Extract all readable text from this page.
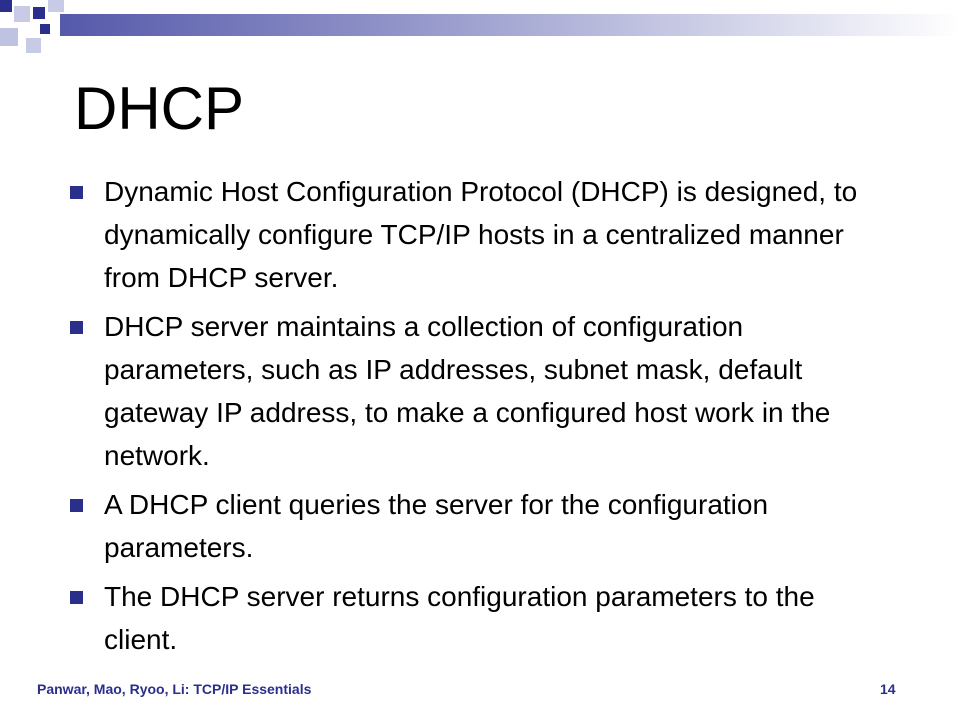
DHCP
Dynamic Host Configuration Protocol (DHCP) is designed, to dynamically configure TCP/IP hosts in a centralized manner from DHCP server.
DHCP server maintains a collection of configuration parameters, such as IP addresses, subnet mask, default gateway IP address, to make a configured host work in the network.
A DHCP client queries the server for the configuration parameters.
The DHCP server returns configuration parameters to the client.
Panwar, Mao, Ryoo, Li: TCP/IP Essentials	14
